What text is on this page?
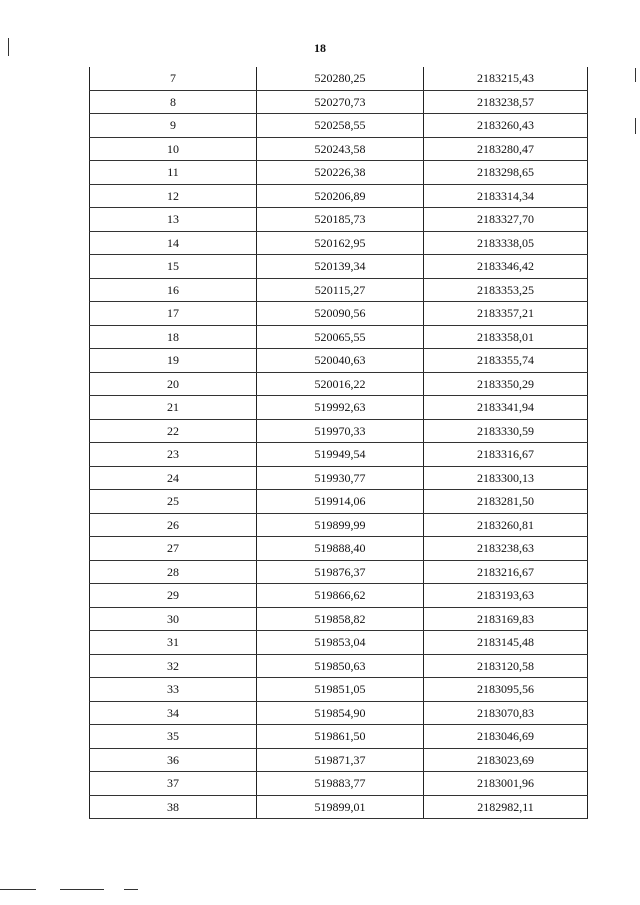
18
7	520280,25	2183215,43
8	520270,73	2183238,57
9	520258,55	2183260,43
10	520243,58	2183280,47
11	520226,38	2183298,65
12	520206,89	2183314,34
13	520185,73	2183327,70
14	520162,95	2183338,05
15	520139,34	2183346,42
16	520115,27	2183353,25
17	520090,56	2183357,21
18	520065,55	2183358,01
19	520040,63	2183355,74
20	520016,22	2183350,29
21	519992,63	2183341,94
22	519970,33	2183330,59
23	519949,54	2183316,67
24	519930,77	2183300,13
25	519914,06	2183281,50
26	519899,99	2183260,81
27	519888,40	2183238,63
28	519876,37	2183216,67
29	519866,62	2183193,63
30	519858,82	2183169,83
31	519853,04	2183145,48
32	519850,63	2183120,58
33	519851,05	2183095,56
34	519854,90	2183070,83
35	519861,50	2183046,69
36	519871,37	2183023,69
37	519883,77	2183001,96
38	519899,01	2182982,11
